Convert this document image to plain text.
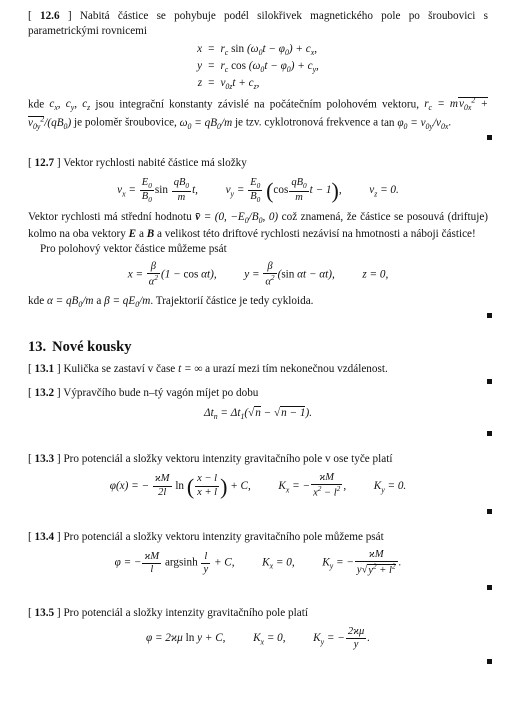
[ 12.6 ] Nabitá částice se pohybuje podél silokřivek magnetického pole po šroubovici s parametrickými rovnicemi

x	=	$r_c$ $\sin (\omega_0t - \varphi_0) + c_x$,
y	=	$r_c$ $\cos (\omega_0t - \varphi_0) + c_y$,
z	=	$v_{0z}t + c_z$,

kde $c_x$, $c_y$, $c_z$ jsou integrační konstanty závislé na počátečním polohovém vektoru, $r_c = mv_{0x}^2 + v_{0y}^2/(qB_0)$ je poloměr šroubovice, $\omega_0 = qB_0/m$ je tzv. cyklotronová frekvence a $\tan \varphi_0 = v_{0y}/v_{0x}$.

[ 12.7 ] Vektor rychlosti nabité částice má složky

$v_x = \frac{E_0}{B_0}$ $\sin \frac{qB_0}{m} t$,  $v_y = \frac{E_0}{B_0} (\cos \frac{qB_0}{m}$ t − 1),  $v_z = 0$.

Vektor rychlosti má střední hodnotu v̄ = (0, $-E_0/B_0$, 0) což znamená, že částice se posouvá (driftuje) kolmo na oba vektory E a B a velikost této driftové rychlosti nezávisí na hmotnosti a náboji částice!

Pro polohový vektor částice můžeme psát

$x = \frac{\beta}{\alpha^2} (1 - \cos \alpha t)$,  $y = \frac{\beta}{\alpha^2} (\sin$ αt − αt),  z = 0,

kde $\alpha = qB_0/m$ a $\beta = qE_0/m$. Trajektorií částice je tedy cykloida.

13. Nové kousky

[ 13.1 ] Kulička se zastaví v čase t = ∞ a urazí mezi tím nekonečnou vzdálenost.

[ 13.2 ] Výpravčího bude n–tý vagón míjet po dobu

$\Delta t_n = \Delta t_1(√n - √n - 1)$.

[ 13.3 ] Pro potenciál a složky vektoru intenzity gravitačního pole v ose tyče platí

φ(x) = − $\frac{ϰM}{2l}$ ln ( $\frac{x - l}{x + l}$ ) + C,  $K_x$ = − $\frac{ϰM}{x^2 - l^2}$ ,  $K_y = 0$.

[ 13.4 ] Pro potenciál a složky vektoru intenzity gravitačního pole můžeme psát

φ = − $\frac{ϰM}{l}$ argsinh $\frac{l}{y} + C$,  $K_x = 0$,  $K_y$ = − $\frac{ϰM}{y√y^2 + l^2}$ .

[ 13.5 ] Pro potenciál a složky intenzity gravitačního pole platí

φ = 2ϰμ ln y + C,  $K_x = 0$,  $K_y$ = − $\frac{2ϰ\mu}{y}$ .
